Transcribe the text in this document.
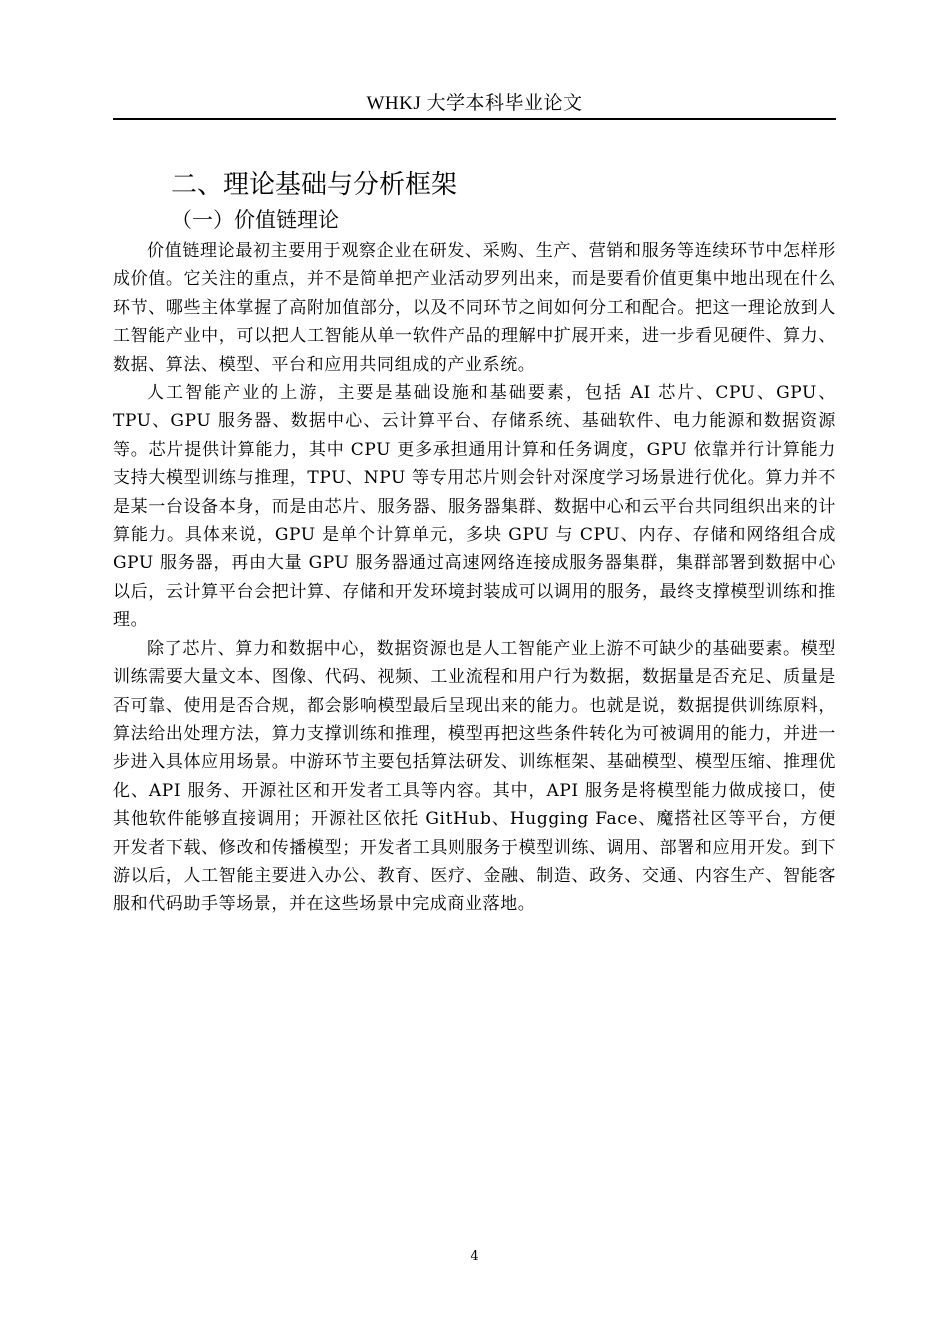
WHKJ 大学本科毕业论文
二、理论基础与分析框架
（一）价值链理论

价值链理论最初主要用于观察企业在研发、采购、生产、营销和服务等连续环节中怎样形成价值。它关注的重点，并不是简单把产业活动罗列出来，而是要看价值更集中地出现在什么环节、哪些主体掌握了高附加值部分，以及不同环节之间如何分工和配合。把这一理论放到人工智能产业中，可以把人工智能从单一软件产品的理解中扩展开来，进一步看见硬件、算力、数据、算法、模型、平台和应用共同组成的产业系统。

人工智能产业的上游，主要是基础设施和基础要素，包括 AI 芯片、CPU、GPU、TPU、GPU 服务器、数据中心、云计算平台、存储系统、基础软件、电力能源和数据资源等。芯片提供计算能力，其中 CPU 更多承担通用计算和任务调度，GPU 依靠并行计算能力支持大模型训练与推理，TPU、NPU 等专用芯片则会针对深度学习场景进行优化。算力并不是某一台设备本身，而是由芯片、服务器、服务器集群、数据中心和云平台共同组织出来的计算能力。具体来说，GPU 是单个计算单元，多块 GPU 与 CPU、内存、存储和网络组合成 GPU 服务器，再由大量 GPU 服务器通过高速网络连接成服务器集群，集群部署到数据中心以后，云计算平台会把计算、存储和开发环境封装成可以调用的服务，最终支撑模型训练和推理。

除了芯片、算力和数据中心，数据资源也是人工智能产业上游不可缺少的基础要素。模型训练需要大量文本、图像、代码、视频、工业流程和用户行为数据，数据量是否充足、质量是否可靠、使用是否合规，都会影响模型最后呈现出来的能力。也就是说，数据提供训练原料，算法给出处理方法，算力支撑训练和推理，模型再把这些条件转化为可被调用的能力，并进一步进入具体应用场景。中游环节主要包括算法研发、训练框架、基础模型、模型压缩、推理优化、API 服务、开源社区和开发者工具等内容。其中，API 服务是将模型能力做成接口，使其他软件能够直接调用；开源社区依托 GitHub、Hugging Face、魔搭社区等平台，方便开发者下载、修改和传播模型；开发者工具则服务于模型训练、调用、部署和应用开发。到下游以后，人工智能主要进入办公、教育、医疗、金融、制造、政务、交通、内容生产、智能客服和代码助手等场景，并在这些场景中完成商业落地。

4
